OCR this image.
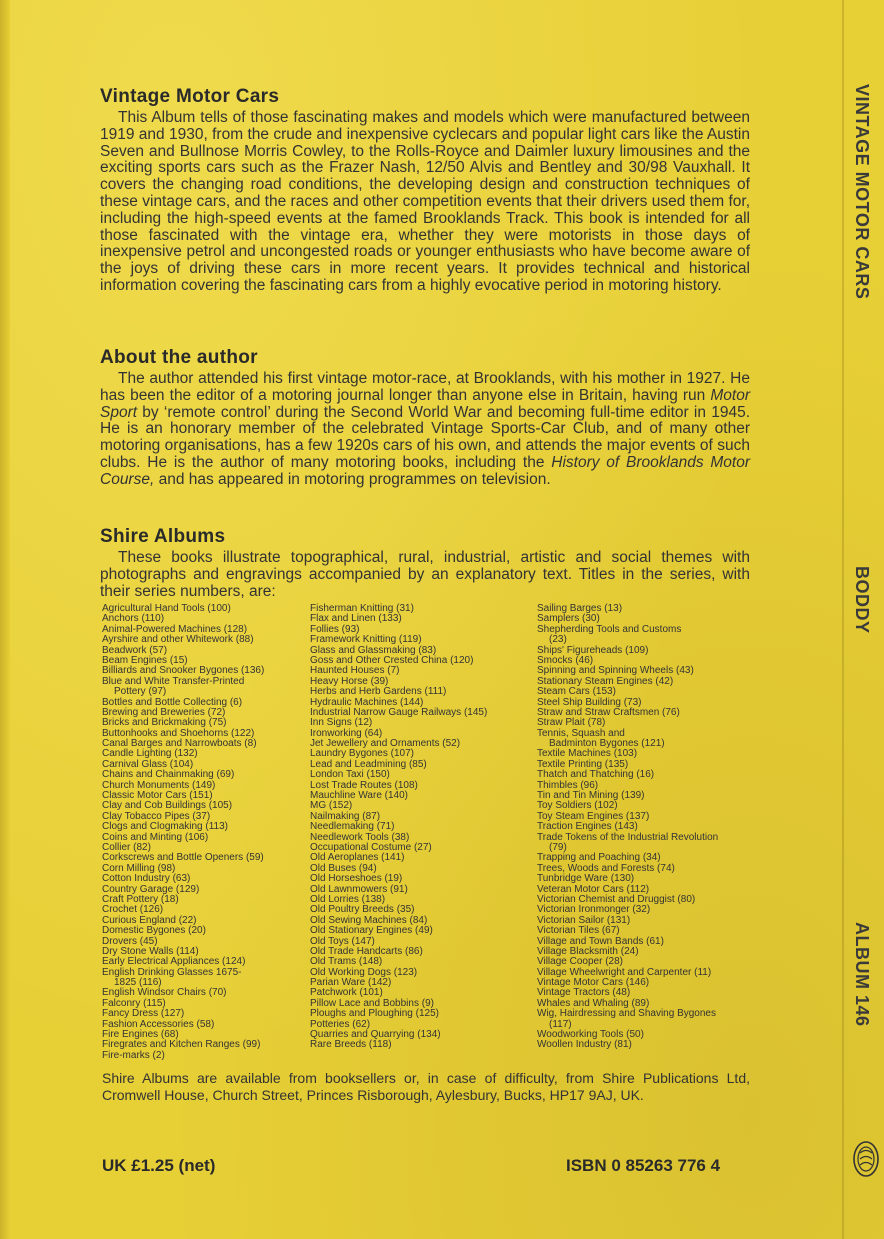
Vintage Motor Cars

This Album tells of those fascinating makes and models which were manufactured between 1919 and 1930, from the crude and inexpensive cyclecars and popular light cars like the Austin Seven and Bullnose Morris Cowley, to the Rolls-Royce and Daimler luxury limousines and the exciting sports cars such as the Frazer Nash, 12/50 Alvis and Bentley and 30/98 Vauxhall. It covers the changing road conditions, the developing design and construction techniques of these vintage cars, and the races and other competition events that their drivers used them for, including the high-speed events at the famed Brooklands Track. This book is intended for all those fascinated with the vintage era, whether they were motorists in those days of inexpensive petrol and uncongested roads or younger enthusiasts who have become aware of the joys of driving these cars in more recent years. It provides technical and historical information covering the fascinating cars from a highly evocative period in motoring history.

About the author

The author attended his first vintage motor-race, at Brooklands, with his mother in 1927. He has been the editor of a motoring journal longer than anyone else in Britain, having run Motor Sport by ‘remote control’ during the Second World War and becoming full-time editor in 1945. He is an honorary member of the celebrated Vintage Sports-Car Club, and of many other motoring organisations, has a few 1920s cars of his own, and attends the major events of such clubs. He is the author of many motoring books, including the History of Brooklands Motor Course, and has appeared in motoring programmes on television.

Shire Albums

These books illustrate topographical, rural, industrial, artistic and social themes with photographs and engravings accompanied by an explanatory text. Titles in the series, with their series numbers, are:

Agricultural Hand Tools (100)
Anchors (110)
Animal-Powered Machines (128)
Ayrshire and other Whitework (88)
Beadwork (57)
Beam Engines (15)
Billiards and Snooker Bygones (136)
Blue and White Transfer-Printed
Pottery (97)
Bottles and Bottle Collecting (6)
Brewing and Breweries (72)
Bricks and Brickmaking (75)
Buttonhooks and Shoehorns (122)
Canal Barges and Narrowboats (8)
Candle Lighting (132)
Carnival Glass (104)
Chains and Chainmaking (69)
Church Monuments (149)
Classic Motor Cars (151)
Clay and Cob Buildings (105)
Clay Tobacco Pipes (37)
Clogs and Clogmaking (113)
Coins and Minting (106)
Collier (82)
Corkscrews and Bottle Openers (59)
Corn Milling (98)
Cotton Industry (63)
Country Garage (129)
Craft Pottery (18)
Crochet (126)
Curious England (22)
Domestic Bygones (20)
Drovers (45)
Dry Stone Walls (114)
Early Electrical Appliances (124)
English Drinking Glasses 1675-
1825 (116)
English Windsor Chairs (70)
Falconry (115)
Fancy Dress (127)
Fashion Accessories (58)
Fire Engines (68)
Firegrates and Kitchen Ranges (99)
Fire-marks (2)
Fisherman Knitting (31)
Flax and Linen (133)
Follies (93)
Framework Knitting (119)
Glass and Glassmaking (83)
Goss and Other Crested China (120)
Haunted Houses (7)
Heavy Horse (39)
Herbs and Herb Gardens (111)
Hydraulic Machines (144)
Industrial Narrow Gauge Railways (145)
Inn Signs (12)
Ironworking (64)
Jet Jewellery and Ornaments (52)
Laundry Bygones (107)
Lead and Leadmining (85)
London Taxi (150)
Lost Trade Routes (108)
Mauchline Ware (140)
MG (152)
Nailmaking (87)
Needlemaking (71)
Needlework Tools (38)
Occupational Costume (27)
Old Aeroplanes (141)
Old Buses (94)
Old Horseshoes (19)
Old Lawnmowers (91)
Old Lorries (138)
Old Poultry Breeds (35)
Old Sewing Machines (84)
Old Stationary Engines (49)
Old Toys (147)
Old Trade Handcarts (86)
Old Trams (148)
Old Working Dogs (123)
Parian Ware (142)
Patchwork (101)
Pillow Lace and Bobbins (9)
Ploughs and Ploughing (125)
Potteries (62)
Quarries and Quarrying (134)
Rare Breeds (118)
Sailing Barges (13)
Samplers (30)
Shepherding Tools and Customs
(23)
Ships' Figureheads (109)
Smocks (46)
Spinning and Spinning Wheels (43)
Stationary Steam Engines (42)
Steam Cars (153)
Steel Ship Building (73)
Straw and Straw Craftsmen (76)
Straw Plait (78)
Tennis, Squash and
Badminton Bygones (121)
Textile Machines (103)
Textile Printing (135)
Thatch and Thatching (16)
Thimbles (96)
Tin and Tin Mining (139)
Toy Soldiers (102)
Toy Steam Engines (137)
Traction Engines (143)
Trade Tokens of the Industrial Revolution
(79)
Trapping and Poaching (34)
Trees, Woods and Forests (74)
Tunbridge Ware (130)
Veteran Motor Cars (112)
Victorian Chemist and Druggist (80)
Victorian Ironmonger (32)
Victorian Sailor (131)
Victorian Tiles (67)
Village and Town Bands (61)
Village Blacksmith (24)
Village Cooper (28)
Village Wheelwright and Carpenter (11)
Vintage Motor Cars (146)
Vintage Tractors (48)
Whales and Whaling (89)
Wig, Hairdressing and Shaving Bygones
(117)
Woodworking Tools (50)
Woollen Industry (81)
Shire Albums are available from booksellers or, in case of difficulty, from Shire Publications Ltd, Cromwell House, Church Street, Princes Risborough, Aylesbury, Bucks, HP17 9AJ, UK.
UK £1.25 (net)	ISBN 0 85263 776 4
VINTAGE MOTOR CARS
BODDY
ALBUM 146
